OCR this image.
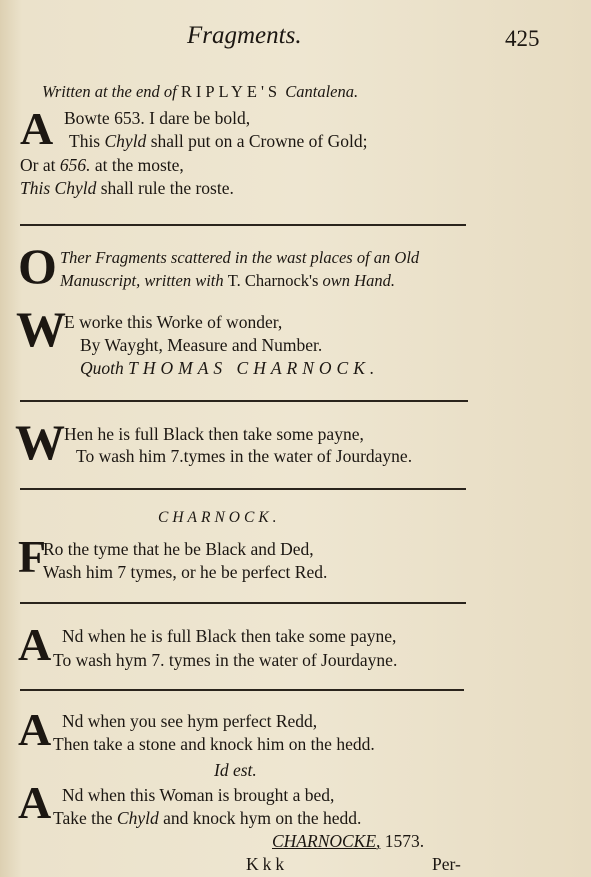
Fragments.	425
Written at the end of RIPLYE'S Cantalena.
A Bowte 653. I dare be bold,
This Chyld shall put on a Crowne of Gold;
Or at 656. at the moste,
This Chyld shall rule the roste.
O Ther Fragments scattered in the wast places of an Old
Manuscript, written with T. Charnock's own Hand.
W
E worke this Worke of wonder,
By Wayght, Measure and Number.
Quoth THOMAS CHARNOCK.
W Hen he is full Black then take some payne,
To wash him 7.tymes in the water of Jourdayne.
CHARNOCK.
F
Ro the tyme that he be Black and Ded,
Wash him 7 tymes, or he be perfect Red.
A Nd when he is full Black then take some payne,
To wash hym 7. tymes in the water of Jourdayne.
A Nd when you see hym perfect Redd,
Then take a stone and knock him on the hedd.
Id est.
A Nd when this Woman is brought a bed,
Take the Chyld and knock hym on the hedd.
CHARNOCKE, 1573.
Kkk	Per-
